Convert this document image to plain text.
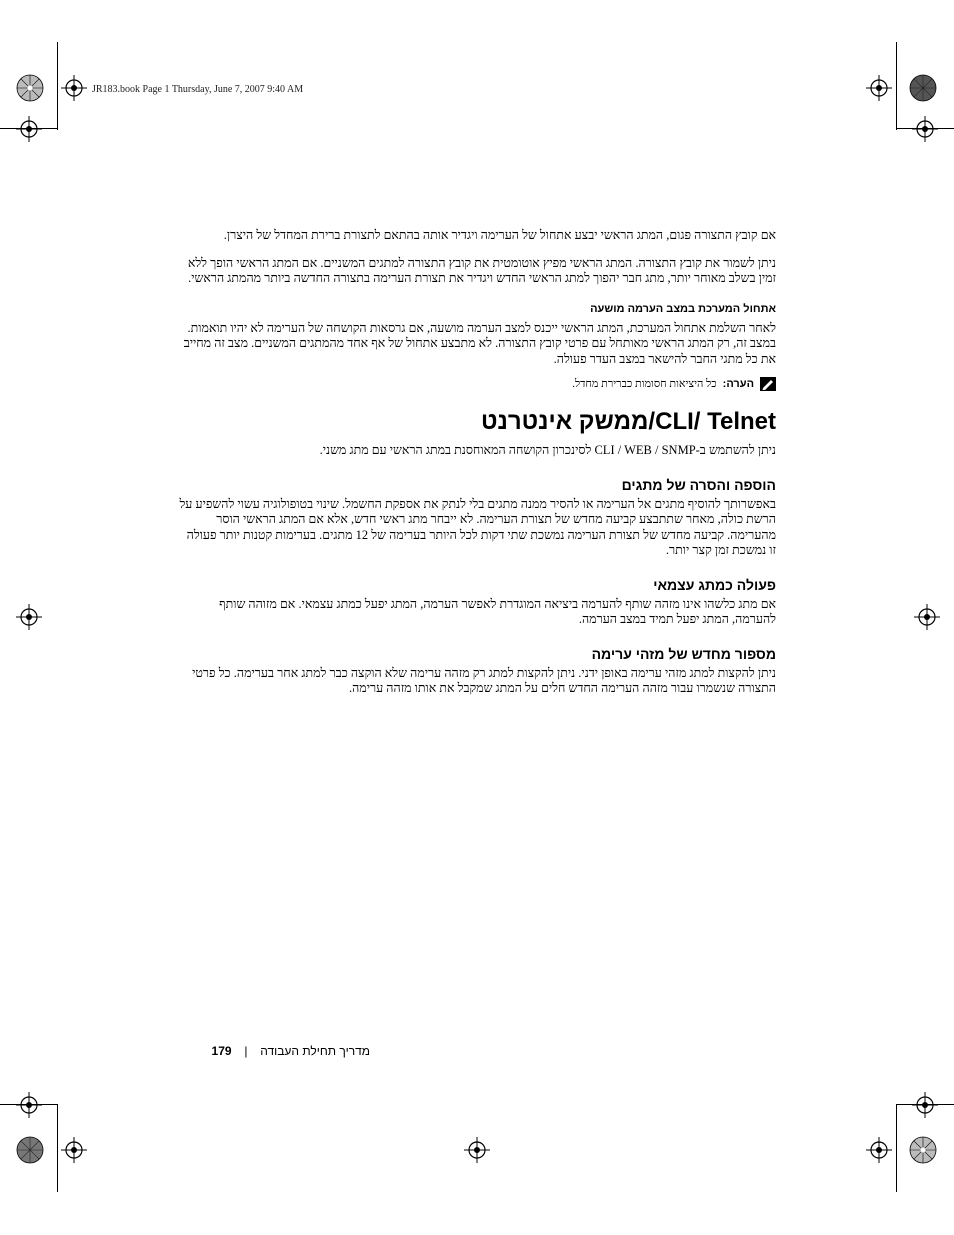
JR183.book Page 1 Thursday, June 7, 2007 9:40 AM

אם קובץ התצורה פגום, המתג הראשי יבצע אתחול של הערימה ויגדיר אותה בהתאם לתצורת ברירת המחדל של היצרן.

ניתן לשמור את קובץ התצורה. המתג הראשי מפיץ אוטומטית את קובץ התצורה למתגים המשניים. אם המתג הראשי הופך ללא זמין בשלב מאוחר יותר, מתג חבר יהפוך למתג הראשי החדש ויגדיר את תצורת הערימה בתצורה החדשה ביותר מהמתג הראשי.

אתחול המערכת במצב הערמה מושעה

לאחר השלמת אתחול המערכת, המתג הראשי ייכנס למצב הערמה מושעה, אם גרסאות הקושחה של הערימה לא יהיו תואמות. במצב זה, רק המתג הראשי מאותחל עם פרטי קובץ התצורה. לא מתבצע אתחול של אף אחד מהמתגים המשניים. מצב זה מחייב את כל מתגי החבר להישאר במצב העדר פעולה.

הערה:
כל היציאות חסומות כברירת מחדל.
CLI/ Telnet/ממשק אינטרנט

ניתן להשתמש ב-CLI / WEB / SNMP לסינכרון הקושחה המאוחסנת במתג הראשי עם מתג משני.

הוספה והסרה של מתגים

באפשרותך להוסיף מתגים אל הערימה או להסיר ממנה מתגים בלי לנתק את אספקת החשמל. שינוי בטופולוגיה עשוי להשפיע על הרשת כולה, מאחר שתתבצע קביעה מחדש של תצורת הערימה. לא ייבחר מתג ראשי חדש, אלא אם המתג הראשי הוסר מהערימה. קביעה מחדש של תצורת הערימה נמשכת שתי דקות לכל היותר בערימה של 12 מתגים. בערימות קטנות יותר פעולה זו נמשכת זמן קצר יותר.

פעולה כמתג עצמאי

אם מתג כלשהו אינו מזהה שותף להערמה ביציאה המוגדרת לאפשר הערמה, המתג יפעל כמתג עצמאי. אם מזוהה שותף להערמה, המתג יפעל תמיד במצב הערמה.

מספור מחדש של מזהי ערימה

ניתן להקצות למתג מזהי ערימה באופן ידני. ניתן להקצות למתג רק מזהה ערימה שלא הוקצה כבר למתג אחר בערימה. כל פרטי התצורה שנשמרו עבור מזהה הערימה החדש חלים על המתג שמקבל את אותו מזהה ערימה.

מדריך תחילת העבודה | 179
